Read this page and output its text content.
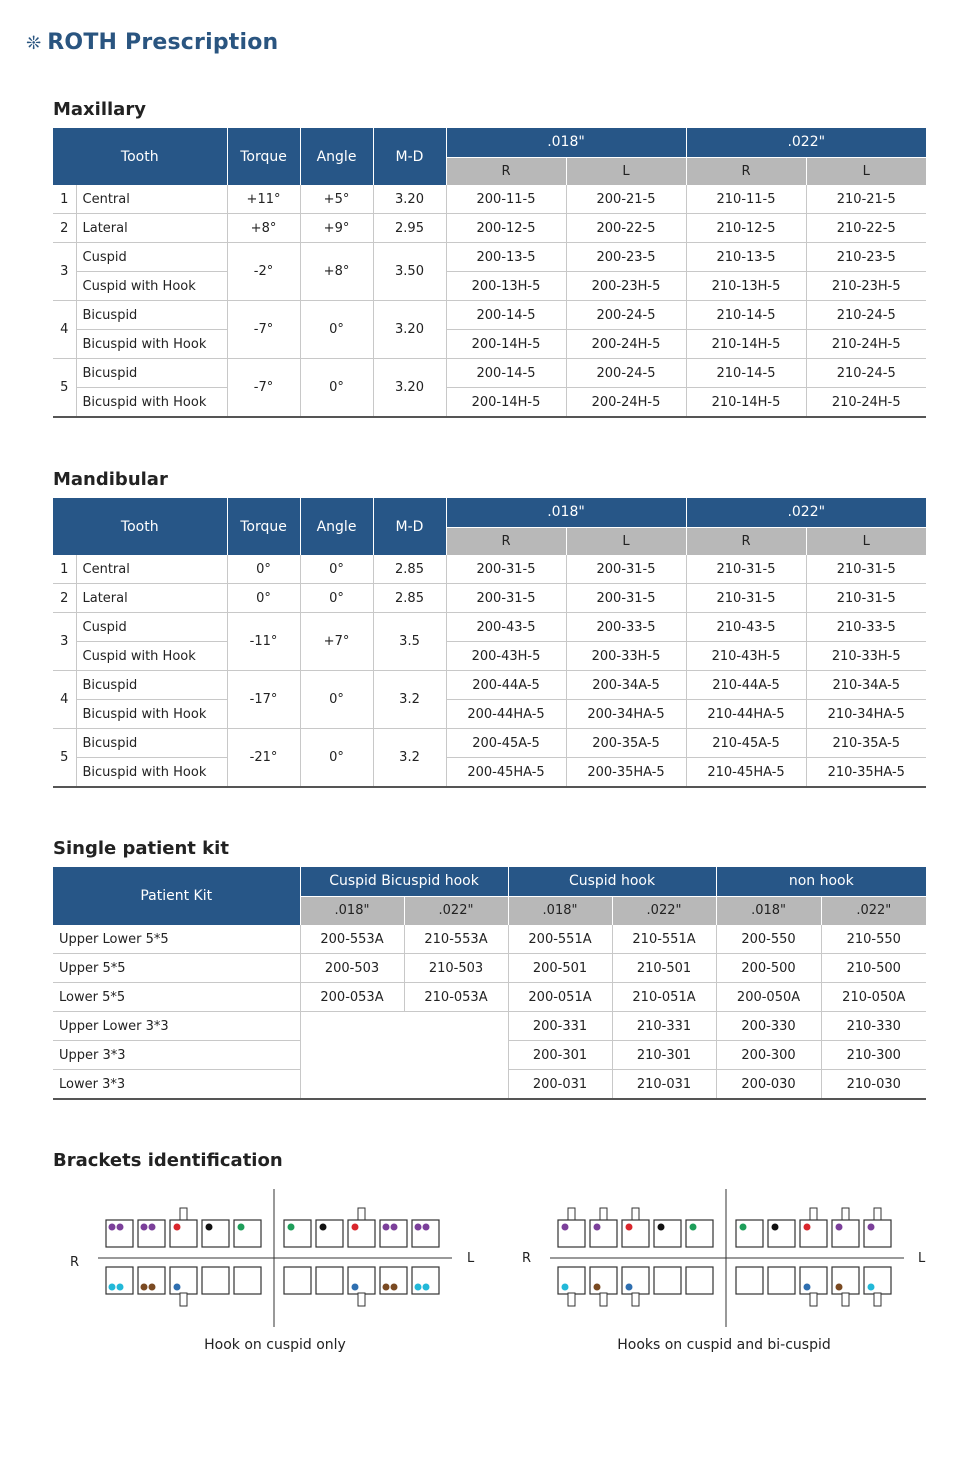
❊ ROTH Prescription
Maxillary
Tooth		Torque	Angle	M-D	.018"		.022"	
					R	L	R	L
1	Central	+11°	+5°	3.20	200-11-5	200-21-5	210-11-5	210-21-5
2	Lateral	+8°	+9°	2.95	200-12-5	200-22-5	210-12-5	210-22-5
3	Cuspid	-2°	+8°	3.50	200-13-5	200-23-5	210-13-5	210-23-5
	Cuspid with Hook				200-13H-5	200-23H-5	210-13H-5	210-23H-5
4	Bicuspid	-7°	0°	3.20	200-14-5	200-24-5	210-14-5	210-24-5
	Bicuspid with Hook				200-14H-5	200-24H-5	210-14H-5	210-24H-5
5	Bicuspid	-7°	0°	3.20	200-14-5	200-24-5	210-14-5	210-24-5
	Bicuspid with Hook				200-14H-5	200-24H-5	210-14H-5	210-24H-5
Mandibular
Tooth		Torque	Angle	M-D	.018"		.022"	
					R	L	R	L
1	Central	0°	0°	2.85	200-31-5	200-31-5	210-31-5	210-31-5
2	Lateral	0°	0°	2.85	200-31-5	200-31-5	210-31-5	210-31-5
3	Cuspid	-11°	+7°	3.5	200-43-5	200-33-5	210-43-5	210-33-5
	Cuspid with Hook				200-43H-5	200-33H-5	210-43H-5	210-33H-5
4	Bicuspid	-17°	0°	3.2	200-44A-5	200-34A-5	210-44A-5	210-34A-5
	Bicuspid with Hook				200-44HA-5	200-34HA-5	210-44HA-5	210-34HA-5
5	Bicuspid	-21°	0°	3.2	200-45A-5	200-35A-5	210-45A-5	210-35A-5
	Bicuspid with Hook				200-45HA-5	200-35HA-5	210-45HA-5	210-35HA-5
Single patient kit
Patient Kit	Cuspid Bicuspid hook		Cuspid hook		non hook	
	.018"	.022"	.018"	.022"	.018"	.022"
Upper Lower 5*5	200-553A	210-553A	200-551A	210-551A	200-550	210-550
Upper 5*5	200-503	210-503	200-501	210-501	200-500	210-500
Lower 5*5	200-053A	210-053A	200-051A	210-051A	200-050A	210-050A
Upper Lower 3*3			200-331	210-331	200-330	210-330
Upper 3*3			200-301	210-301	200-300	210-300
Lower 3*3			200-031	210-031	200-030	210-030
Brackets identification
Hook on cuspid only	Hooks on cuspid and bi-cuspid
R	L	R	L
